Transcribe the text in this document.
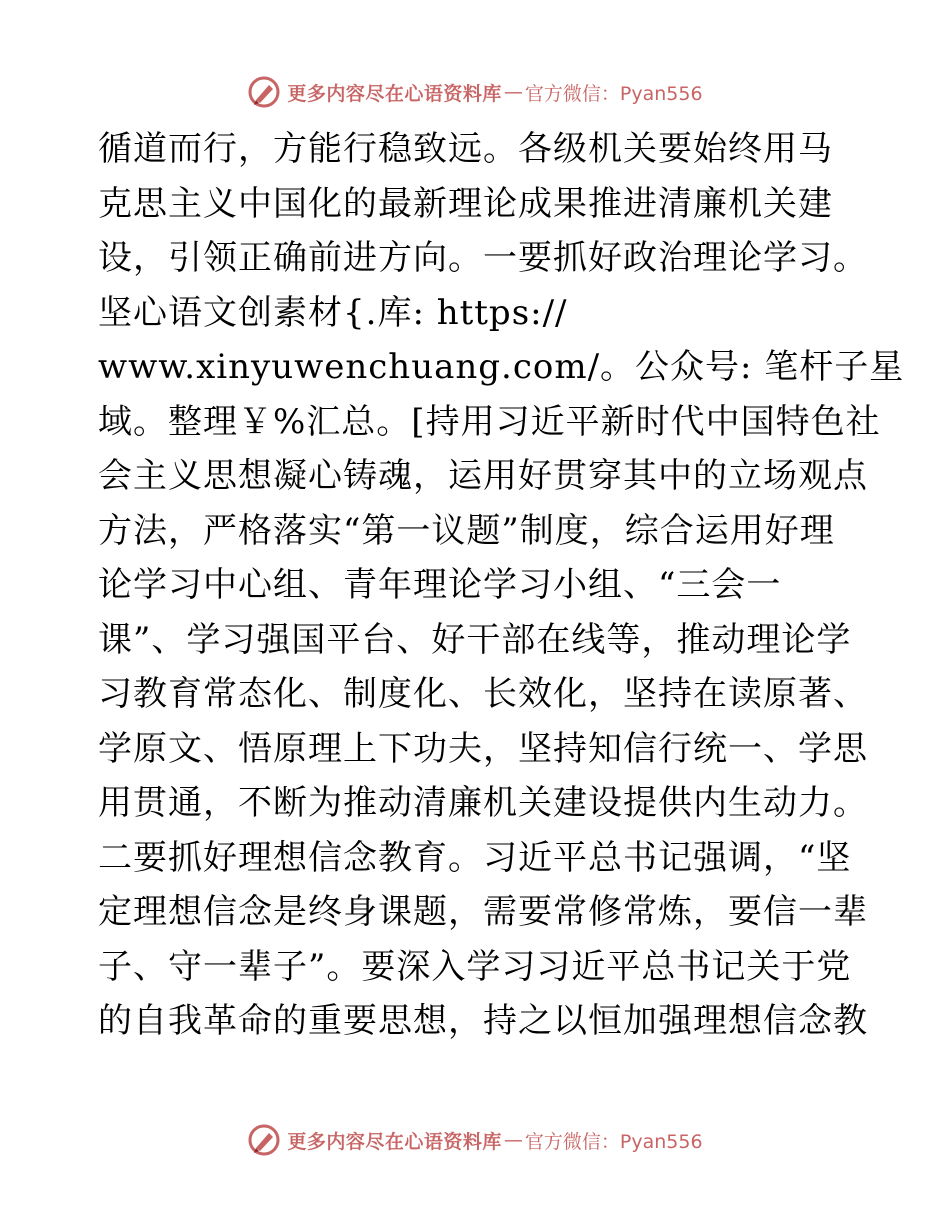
更多内容尽在心语资料库 — 官方微信：Pyan556
循道而行，方能行稳致远。各级机关要始终用马
克思主义中国化的最新理论成果推进清廉机关建
设，引领正确前进方向。一要抓好政治理论学习。
坚心语文创素材{.库: https://
www.xinyuwenchuang.com/。公众号: 笔杆子星
域。整理￥%汇总。[持用习近平新时代中国特色社
会主义思想凝心铸魂，运用好贯穿其中的立场观点
方法，严格落实“第一议题”制度，综合运用好理
论学习中心组、青年理论学习小组、“三会一
课”、学习强国平台、好干部在线等，推动理论学
习教育常态化、制度化、长效化，坚持在读原著、
学原文、悟原理上下功夫，坚持知信行统一、学思
用贯通，不断为推动清廉机关建设提供内生动力。
二要抓好理想信念教育。习近平总书记强调，“坚
定理想信念是终身课题，需要常修常炼，要信一辈
子、守一辈子”。要深入学习习近平总书记关于党
的自我革命的重要思想，持之以恒加强理想信念教
更多内容尽在心语资料库 — 官方微信：Pyan556
